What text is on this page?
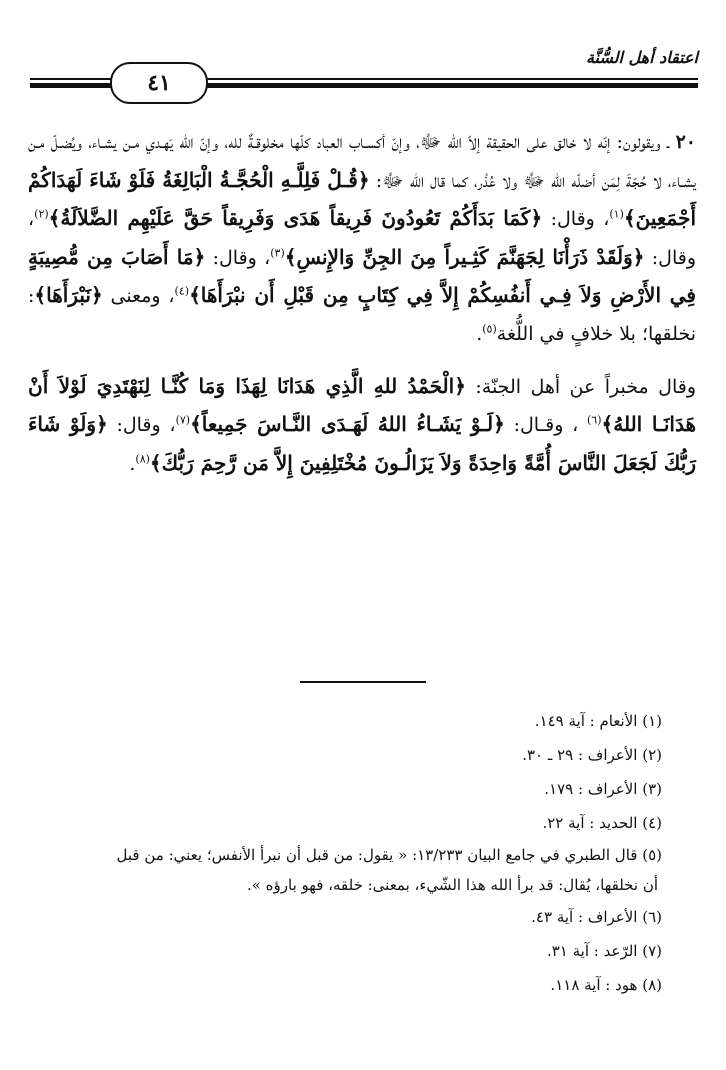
اعتقاد أهل السُّنَّة
٤١

٢٠ ـ ويقولون: إنّه لا خالق على الحقيقة إلاّ الله ﷻ، وإنّ أكسـاب العباد كلّها مخلوقـةٌ لله، وإنّ الله يَهـدي مـن يشـاء، ويُضـلّ مـن يشـاء، لا حُجّةَ لِمَن أضلّه الله ﷻ ولا عُذْر، كما قال الله ﷻ: ﴿قُـلْ فَلِلَّـهِ الْحُجَّـةُ الْبَالِغَةُ فَلَوْ شَاءَ لَهَدَاكُمْ أَجْمَعِينَ﴾$^{(١)}$، وقال: ﴿كَمَا بَدَأَكُمْ تَعُودُونَ فَرِيقاً هَدَى وَفَرِيقاً حَقَّ عَلَيْهِم الضَّلاَلَةُ﴾$^{(٢)}$، وقال: ﴿وَلَقَدْ ذَرَأْنَا لِجَهَنَّمَ كَثِـيراً مِنَ الجِنِّ وَالإِنسِ﴾$^{(٣)}$، وقال: ﴿مَا أَصَابَ مِن مُّصِيبَةٍ فِي الأَرْضِ وَلاَ فِـي أَنفُسِكُمْ إِلاَّ فِي كِتَابٍ مِن قَبْلِ أَن نبْرَأَهَا﴾$^{(٤)}$، ومعنى ﴿نَبْرَأَهَا﴾: نخلقها؛ بلا خلافٍ في اللُّغة$^{(٥)}$.

وقال مخبراً عن أهل الجنّة: ﴿الْحَمْدُ للهِ الَّذِي هَدَانَا لِهَذَا وَمَا كُنَّـا لِنَهْتَدِيَ لَوْلاَ أَنْ هَدَانَـا اللهُ﴾$^{(٦)}$ ، وقـال: ﴿لَـوْ يَشَـاءُ اللهُ لَهَـدَى النَّـاسَ جَمِيعاً﴾$^{(٧)}$، وقال: ﴿وَلَوْ شَاءَ رَبُّكَ لَجَعَلَ النَّاسَ أُمَّةً وَاحِدَةً وَلاَ يَزَالُـونَ مُخْتَلِفِينَ إِلاَّ مَن رَّحِمَ رَبُّكَ﴾$^{(٨)}$.

(١) الأنعام : آية ١٤٩.

(٢) الأعراف : ٢٩ ـ ٣٠.

(٣) الأعراف : ١٧٩.

(٤) الحديد : آية ٢٢.

(٥) قال الطبري في جامع البيان ١٣/٢٣٣: « يقول: من قبل أن نبرأ الأنفس؛ يعني: من قبل
أن نخلقها، يُقال: قد برأ الله هذا الشّيء، بمعنى: خلقه، فهو بارؤه ».

(٦) الأعراف : آية ٤٣.

(٧) الرّعد : آية ٣١.

(٨) هود : آية ١١٨.
